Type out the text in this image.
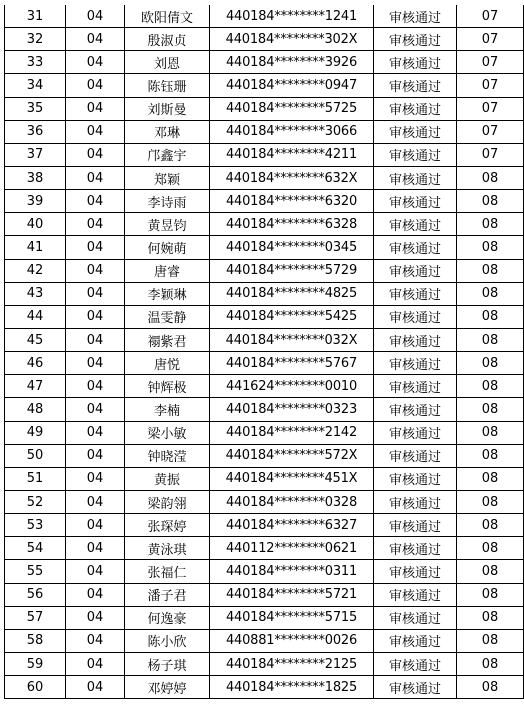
31	04	欧阳倩文	440184********1241	审核通过	07
32	04	殷淑贞	440184********302X	审核通过	07
33	04	刘恩	440184********3926	审核通过	07
34	04	陈钰珊	440184********0947	审核通过	07
35	04	刘斯曼	440184********5725	审核通过	07
36	04	邓琳	440184********3066	审核通过	07
37	04	邝鑫宇	440184********4211	审核通过	07
38	04	郑颖	440184********632X	审核通过	08
39	04	李诗雨	440184********6320	审核通过	08
40	04	黄昱钧	440184********6328	审核通过	08
41	04	何婉萌	440184********0345	审核通过	08
42	04	唐睿	440184********5729	审核通过	08
43	04	李颖琳	440184********4825	审核通过	08
44	04	温雯静	440184********5425	审核通过	08
45	04	禤紫君	440184********032X	审核通过	08
46	04	唐悦	440184********5767	审核通过	08
47	04	钟辉极	441624********0010	审核通过	08
48	04	李楠	440184********0323	审核通过	08
49	04	梁小敏	440184********2142	审核通过	08
50	04	钟晓滢	440184********572X	审核通过	08
51	04	黄振	440184********451X	审核通过	08
52	04	梁韵翎	440184********0328	审核通过	08
53	04	张琛婷	440184********6327	审核通过	08
54	04	黄泳琪	440112********0621	审核通过	08
55	04	张福仁	440184********0311	审核通过	08
56	04	潘子君	440184********5721	审核通过	08
57	04	何逸豪	440184********5715	审核通过	08
58	04	陈小欣	440881********0026	审核通过	08
59	04	杨子琪	440184********2125	审核通过	08
60	04	邓婷婷	440184********1825	审核通过	08
